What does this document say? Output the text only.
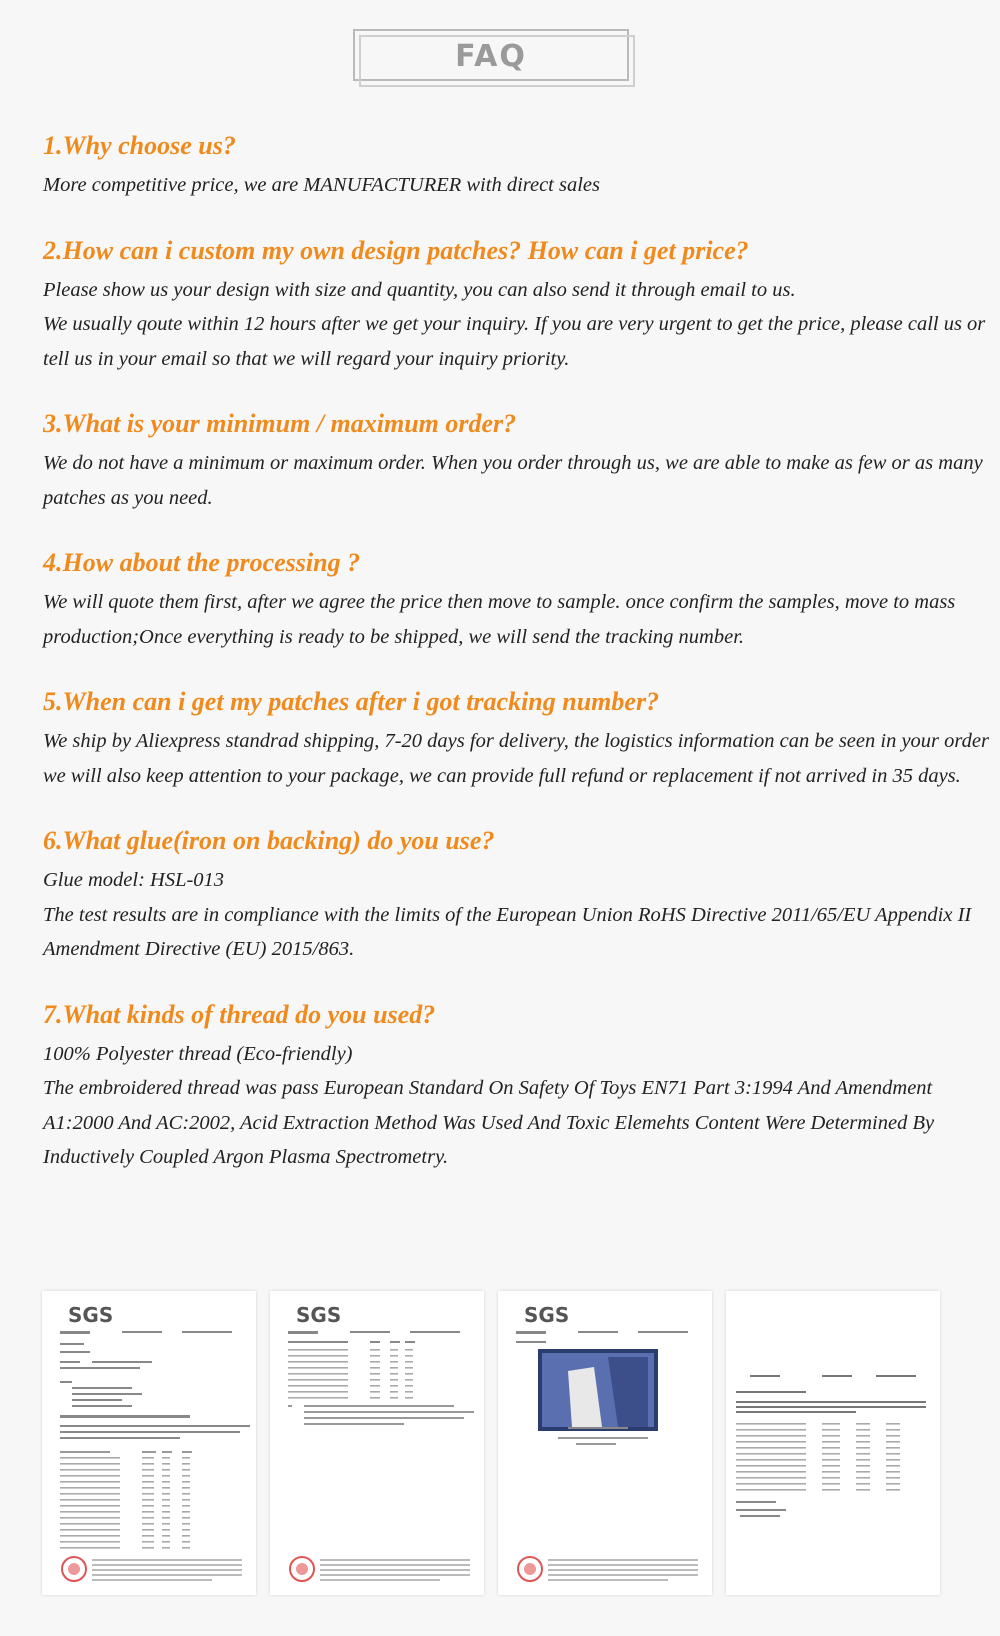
FAQ

1.Why choose us?

More competitive price, we are MANUFACTURER with direct sales

2.How can i custom my own design patches? How can i get price?

Please show us your design with size and quantity, you can also send it through email to us.

We usually qoute within 12 hours after we get your inquiry. If you are very urgent to get the price, please call us or tell us in your email so that we will regard your inquiry priority.

3.What is your minimum / maximum order?

We do not have a minimum or maximum order. When you order through us, we are able to make as few or as many patches as you need.

4.How about the processing ?

We will quote them first, after we agree the price then move to sample. once confirm the samples, move to mass production;Once everything is ready to be shipped, we will send the tracking number.

5.When can i get my patches after i got tracking number?

We ship by Aliexpress standrad shipping, 7-20 days for delivery, the logistics information can be seen in your order

we will also keep attention to your package, we can provide full refund or replacement if not arrived in 35 days.

6.What glue(iron on backing) do you use?

Glue model: HSL-013

The test results are in compliance with the limits of the European Union RoHS Directive 2011/65/EU Appendix II Amendment Directive (EU) 2015/863.

7.What kinds of thread do you used?

100% Polyester thread (Eco-friendly)

The embroidered thread was pass European Standard On Safety Of Toys EN71 Part 3:1994 And Amendment A1:2000 And AC:2002, Acid Extraction Method Was Used And Toxic Elemehts Content Were Determined By Inductively Coupled Argon Plasma Spectrometry.

SGS	SGS	SGS
